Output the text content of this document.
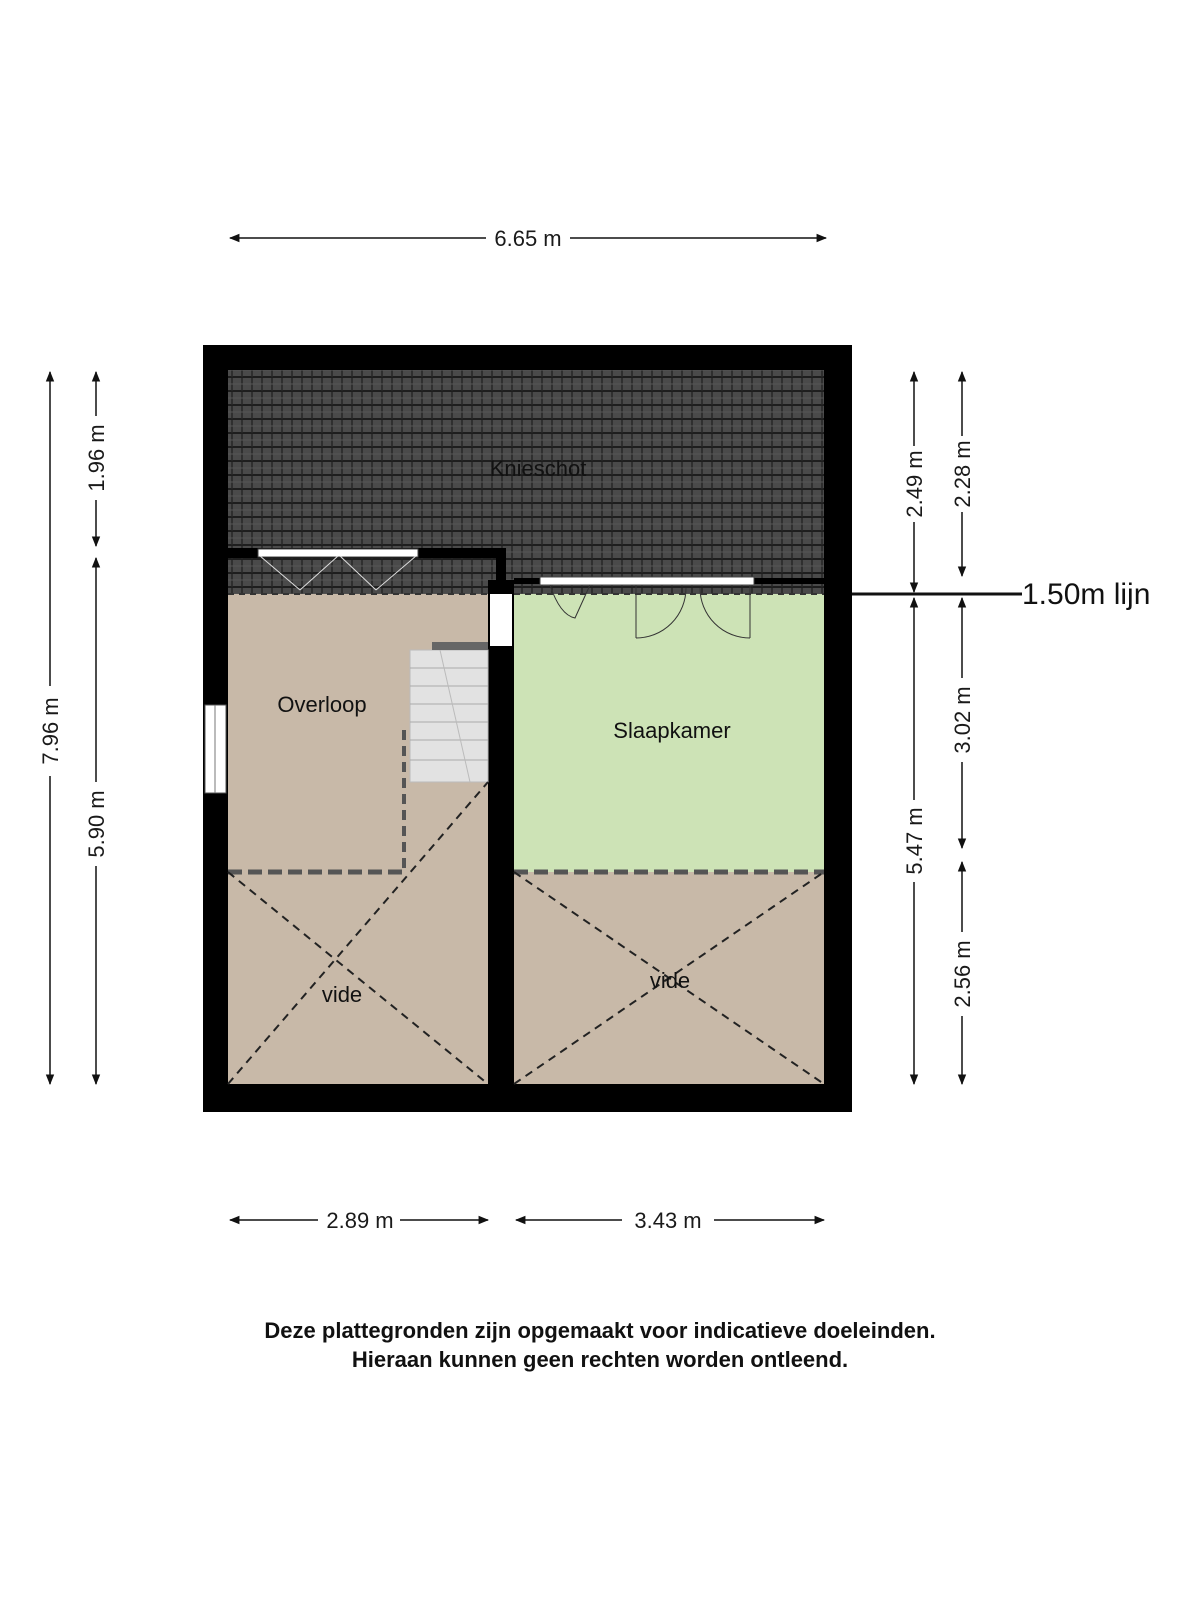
Knieschot
Overloop
Slaapkamer
vide
vide
1.50m lijn
6.65 m
2.89 m	3.43 m
7.96 m
1.96 m
5.90 m
2.49 m
5.47 m
2.28 m
3.02 m
2.56 m
Deze plattegronden zijn opgemaakt voor indicatieve doeleinden.
Hieraan kunnen geen rechten worden ontleend.
